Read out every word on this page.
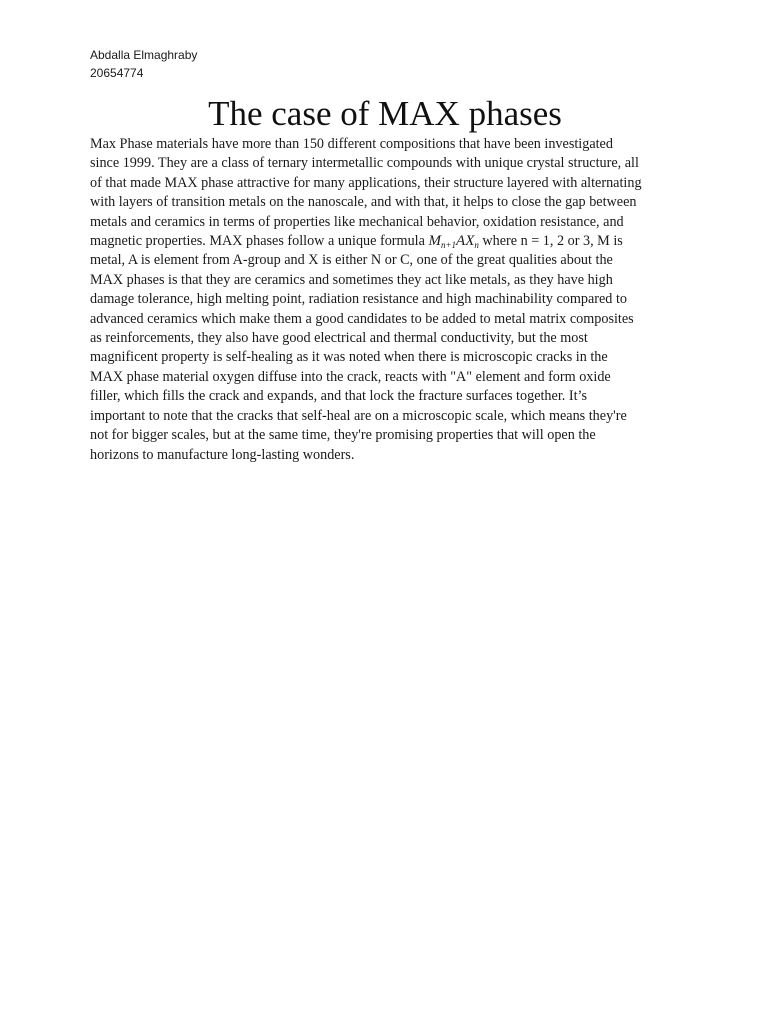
Abdalla Elmaghraby
20654774
The case of MAX phases
Max Phase materials have more than 150 different compositions that have been investigated
since 1999. They are a class of ternary intermetallic compounds with unique crystal structure, all
of that made MAX phase attractive for many applications, their structure layered with alternating
with layers of transition metals on the nanoscale, and with that, it helps to close the gap between
metals and ceramics in terms of properties like mechanical behavior, oxidation resistance, and
magnetic properties. MAX phases follow a unique formula $M_{n+1}AX_n$ where n = 1, 2 or 3, M is
metal, A is element from A-group and X is either N or C, one of the great qualities about the
MAX phases is that they are ceramics and sometimes they act like metals, as they have high
damage tolerance, high melting point, radiation resistance and high machinability compared to
advanced ceramics which make them a good candidates to be added to metal matrix composites
as reinforcements, they also have good electrical and thermal conductivity, but the most
magnificent property is self-healing as it was noted when there is microscopic cracks in the
MAX phase material oxygen diffuse into the crack, reacts with "A" element and form oxide
filler, which fills the crack and expands, and that lock the fracture surfaces together. It’s
important to note that the cracks that self-heal are on a microscopic scale, which means they're
not for bigger scales, but at the same time, they're promising properties that will open the
horizons to manufacture long-lasting wonders.
